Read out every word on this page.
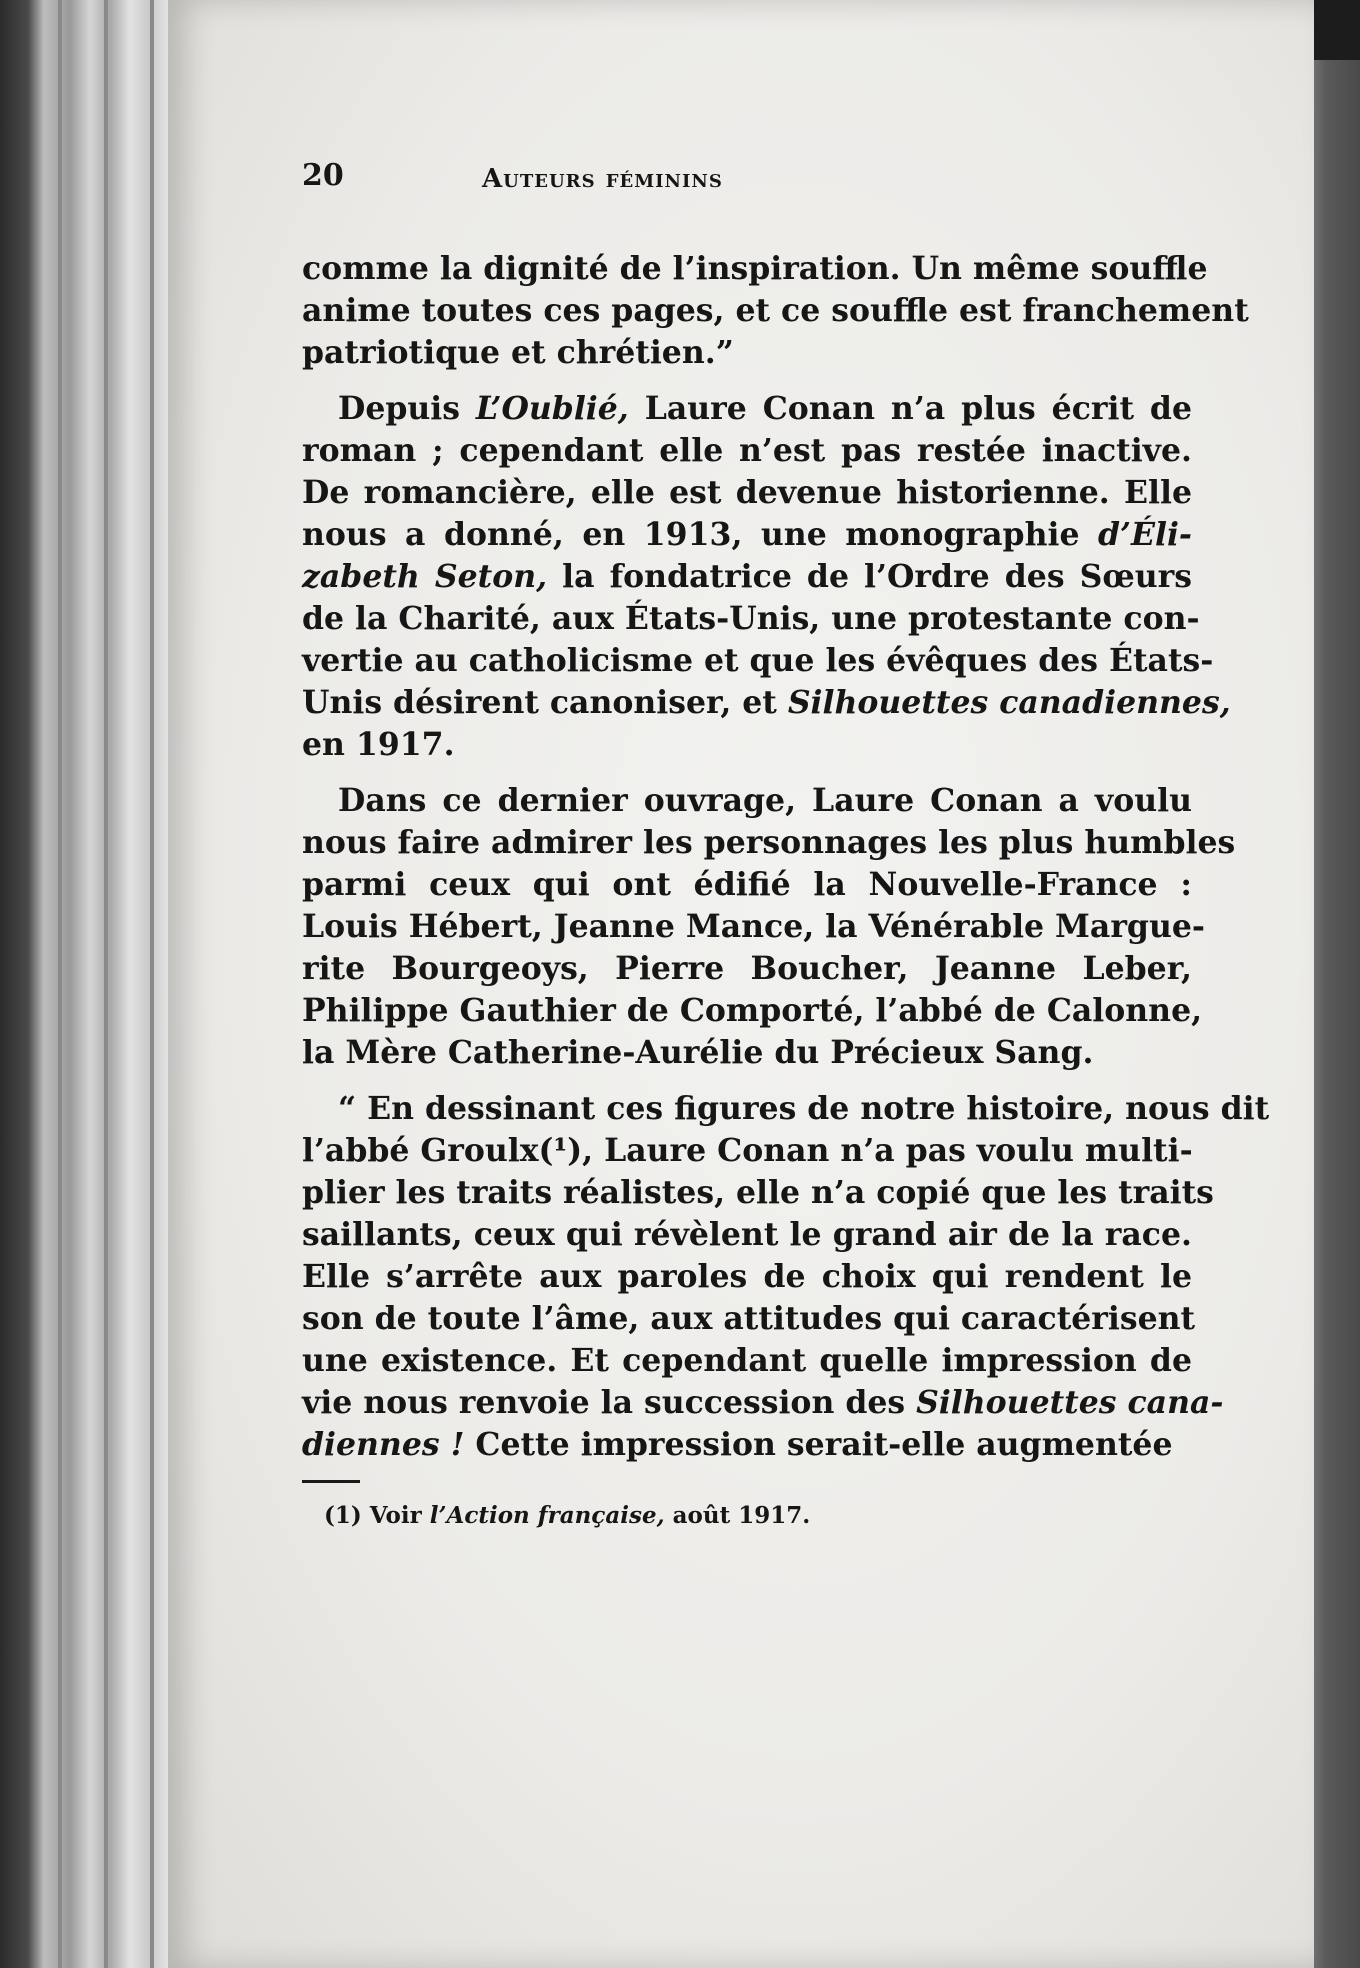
20	Auteurs féminins
comme la dignité de l’inspiration. Un même souffle
anime toutes ces pages, et ce souffle est franchement
patriotique et chrétien.”
Depuis L’Oublié, Laure Conan n’a plus écrit de
roman ; cependant elle n’est pas restée inactive.
De romancière, elle est devenue historienne. Elle
nous a donné, en 1913, une monographie d’Éli-
zabeth Seton, la fondatrice de l’Ordre des Sœurs
de la Charité, aux États-Unis, une protestante con-
vertie au catholicisme et que les évêques des États-
Unis désirent canoniser, et Silhouettes canadiennes,
en 1917.
Dans ce dernier ouvrage, Laure Conan a voulu
nous faire admirer les personnages les plus humbles
parmi ceux qui ont édifié la Nouvelle-France :
Louis Hébert, Jeanne Mance, la Vénérable Margue-
rite Bourgeoys, Pierre Boucher, Jeanne Leber,
Philippe Gauthier de Comporté, l’abbé de Calonne,
la Mère Catherine-Aurélie du Précieux Sang.
“ En dessinant ces figures de notre histoire, nous dit
l’abbé Groulx(¹), Laure Conan n’a pas voulu multi-
plier les traits réalistes, elle n’a copié que les traits
saillants, ceux qui révèlent le grand air de la race.
Elle s’arrête aux paroles de choix qui rendent le
son de toute l’âme, aux attitudes qui caractérisent
une existence. Et cependant quelle impression de
vie nous renvoie la succession des Silhouettes cana-
diennes ! Cette impression serait-elle augmentée
(1) Voir l’Action française, août 1917.
